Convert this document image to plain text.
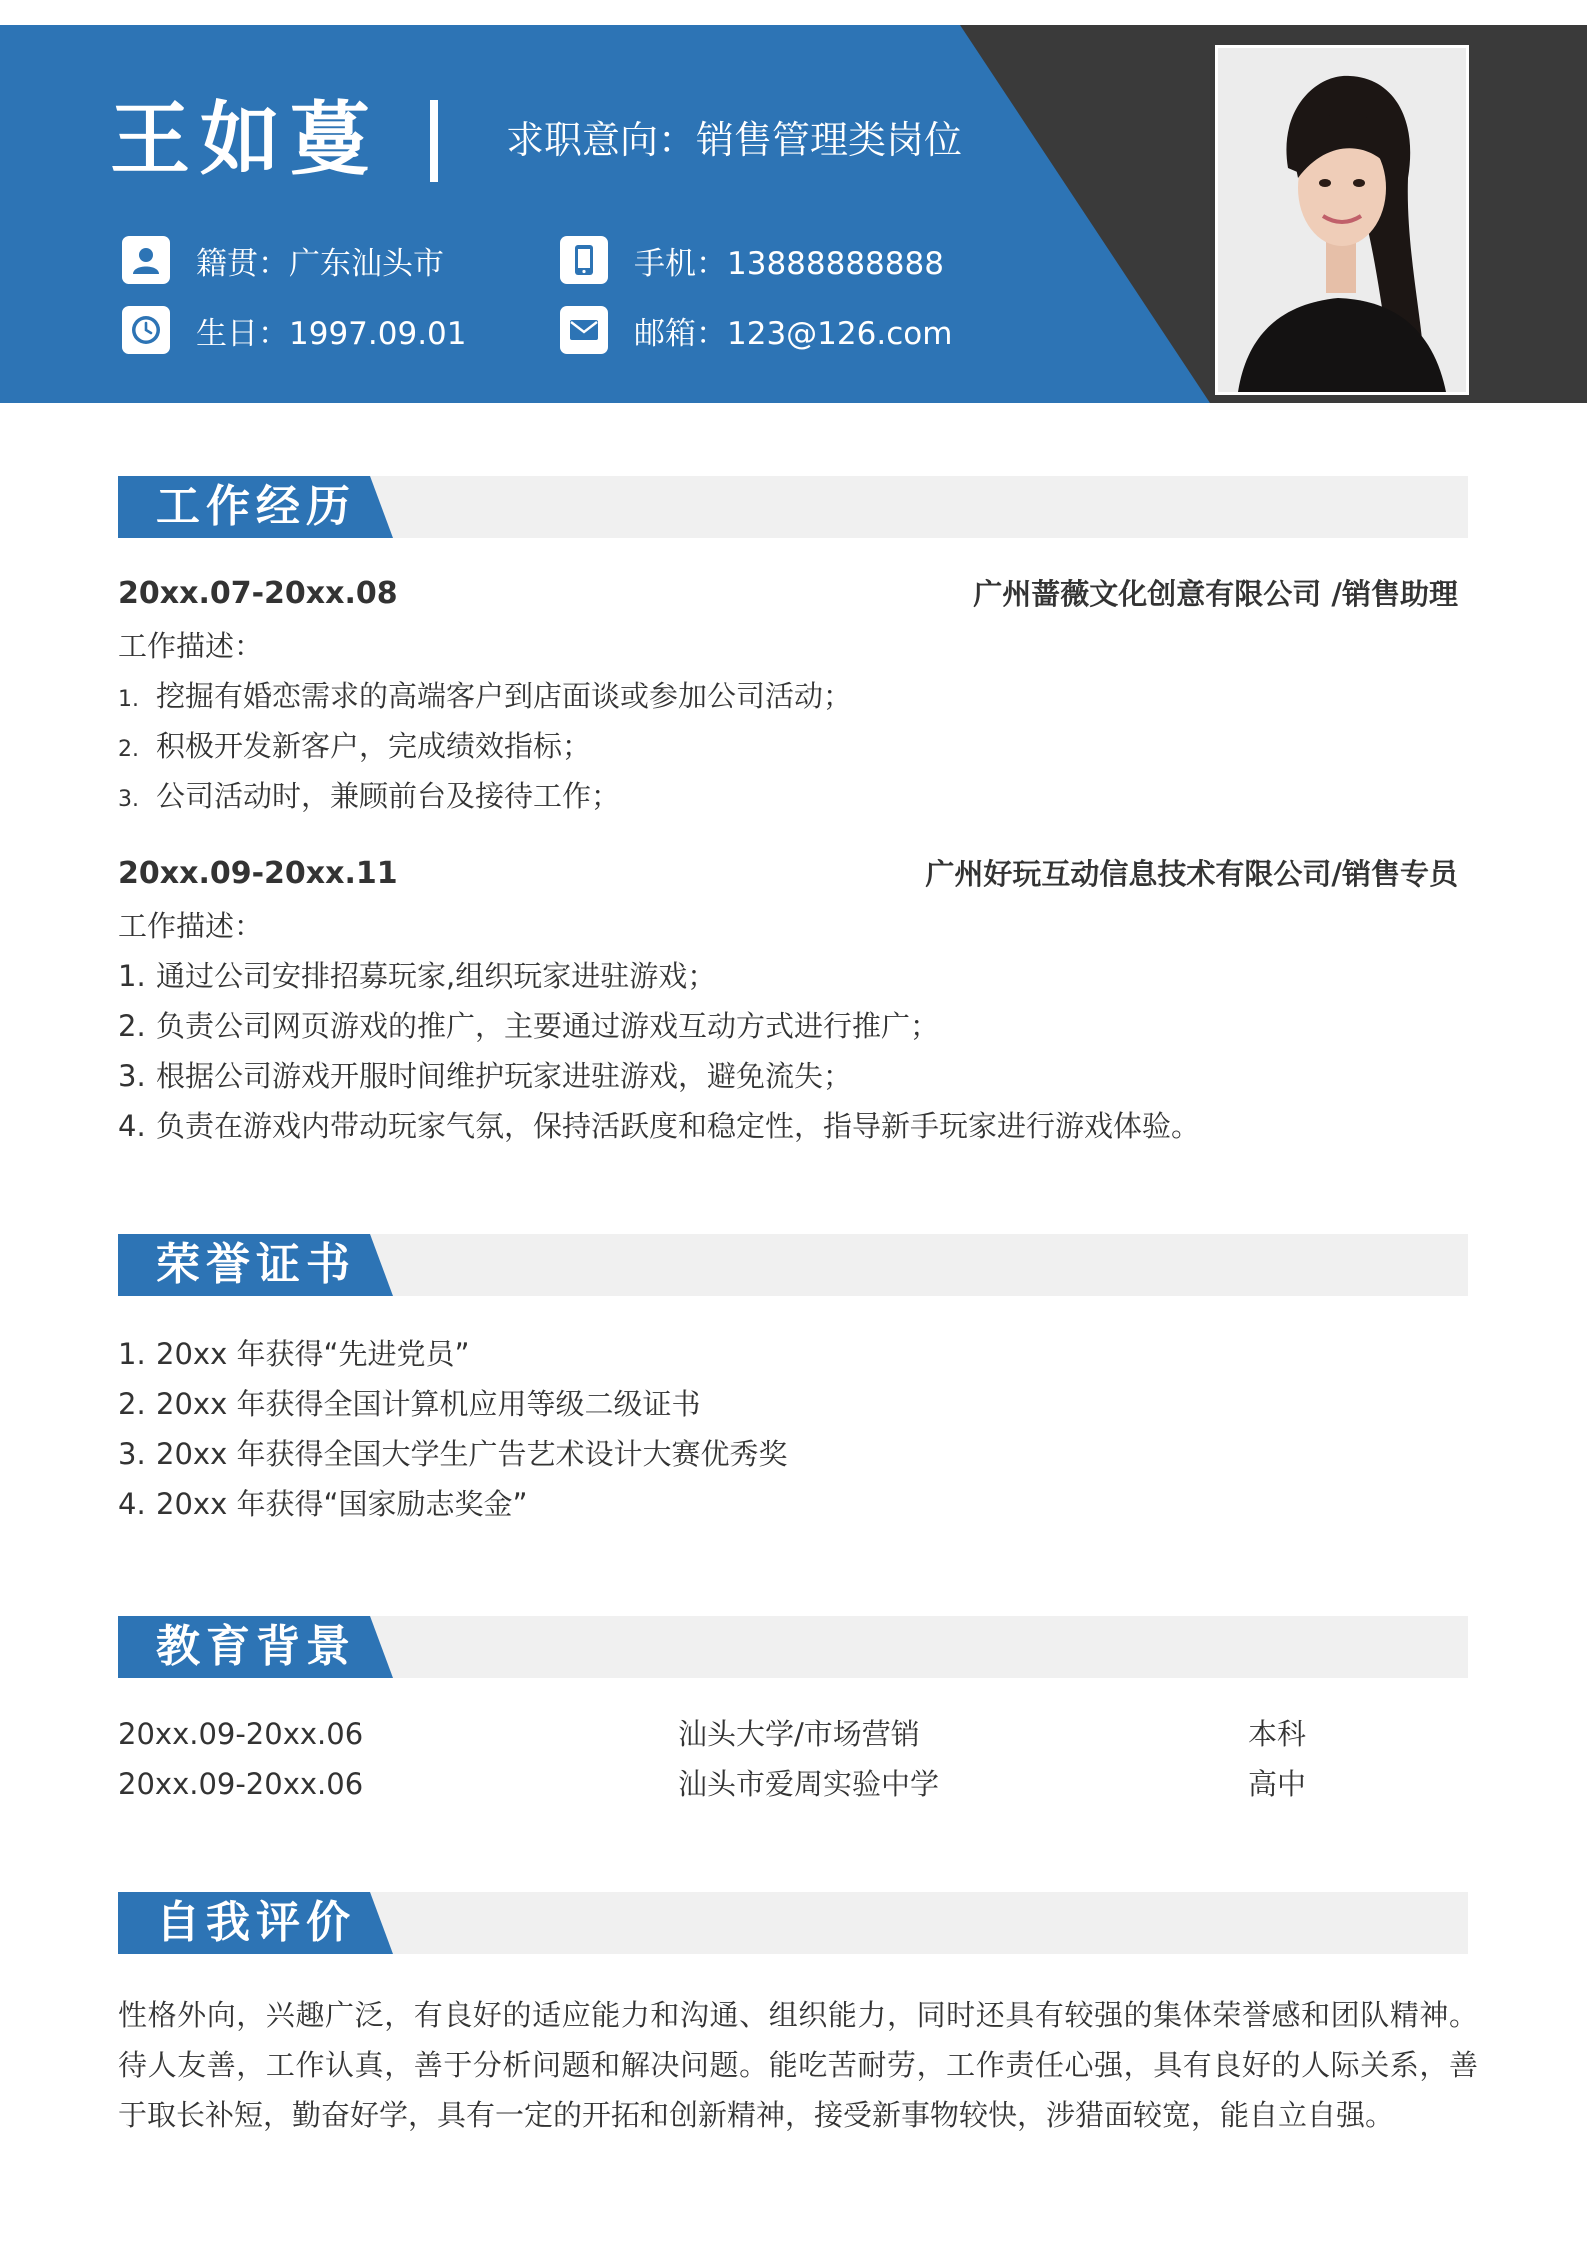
王如蔓	求职意向：销售管理类岗位
籍贯：广东汕头市	手机：13888888888
生日：1997.09.01	邮箱：123@126.com
工作经历
20xx.07-20xx.08	广州蔷薇文化创意有限公司 /销售助理
工作描述：
1. 挖掘有婚恋需求的高端客户到店面谈或参加公司活动；
2. 积极开发新客户，完成绩效指标；
3. 公司活动时，兼顾前台及接待工作；
20xx.09-20xx.11	广州好玩互动信息技术有限公司/销售专员
工作描述：
1. 通过公司安排招募玩家,组织玩家进驻游戏；
2. 负责公司网页游戏的推广，主要通过游戏互动方式进行推广；
3. 根据公司游戏开服时间维护玩家进驻游戏，避免流失；
4. 负责在游戏内带动玩家气氛，保持活跃度和稳定性，指导新手玩家进行游戏体验。
荣誉证书
1. 20xx 年获得“先进党员”
2. 20xx 年获得全国计算机应用等级二级证书
3. 20xx 年获得全国大学生广告艺术设计大赛优秀奖
4. 20xx 年获得“国家励志奖金”
教育背景
20xx.09-20xx.06	汕头大学/市场营销	本科
20xx.09-20xx.06	汕头市爱周实验中学	高中
自我评价
性格外向，兴趣广泛，有良好的适应能力和沟通、组织能力，同时还具有较强的集体荣誉感和团队精神。待人友善，工作认真，善于分析问题和解决问题。能吃苦耐劳，工作责任心强，具有良好的人际关系，善于取长补短，勤奋好学，具有一定的开拓和创新精神，接受新事物较快，涉猎面较宽，能自立自强。
